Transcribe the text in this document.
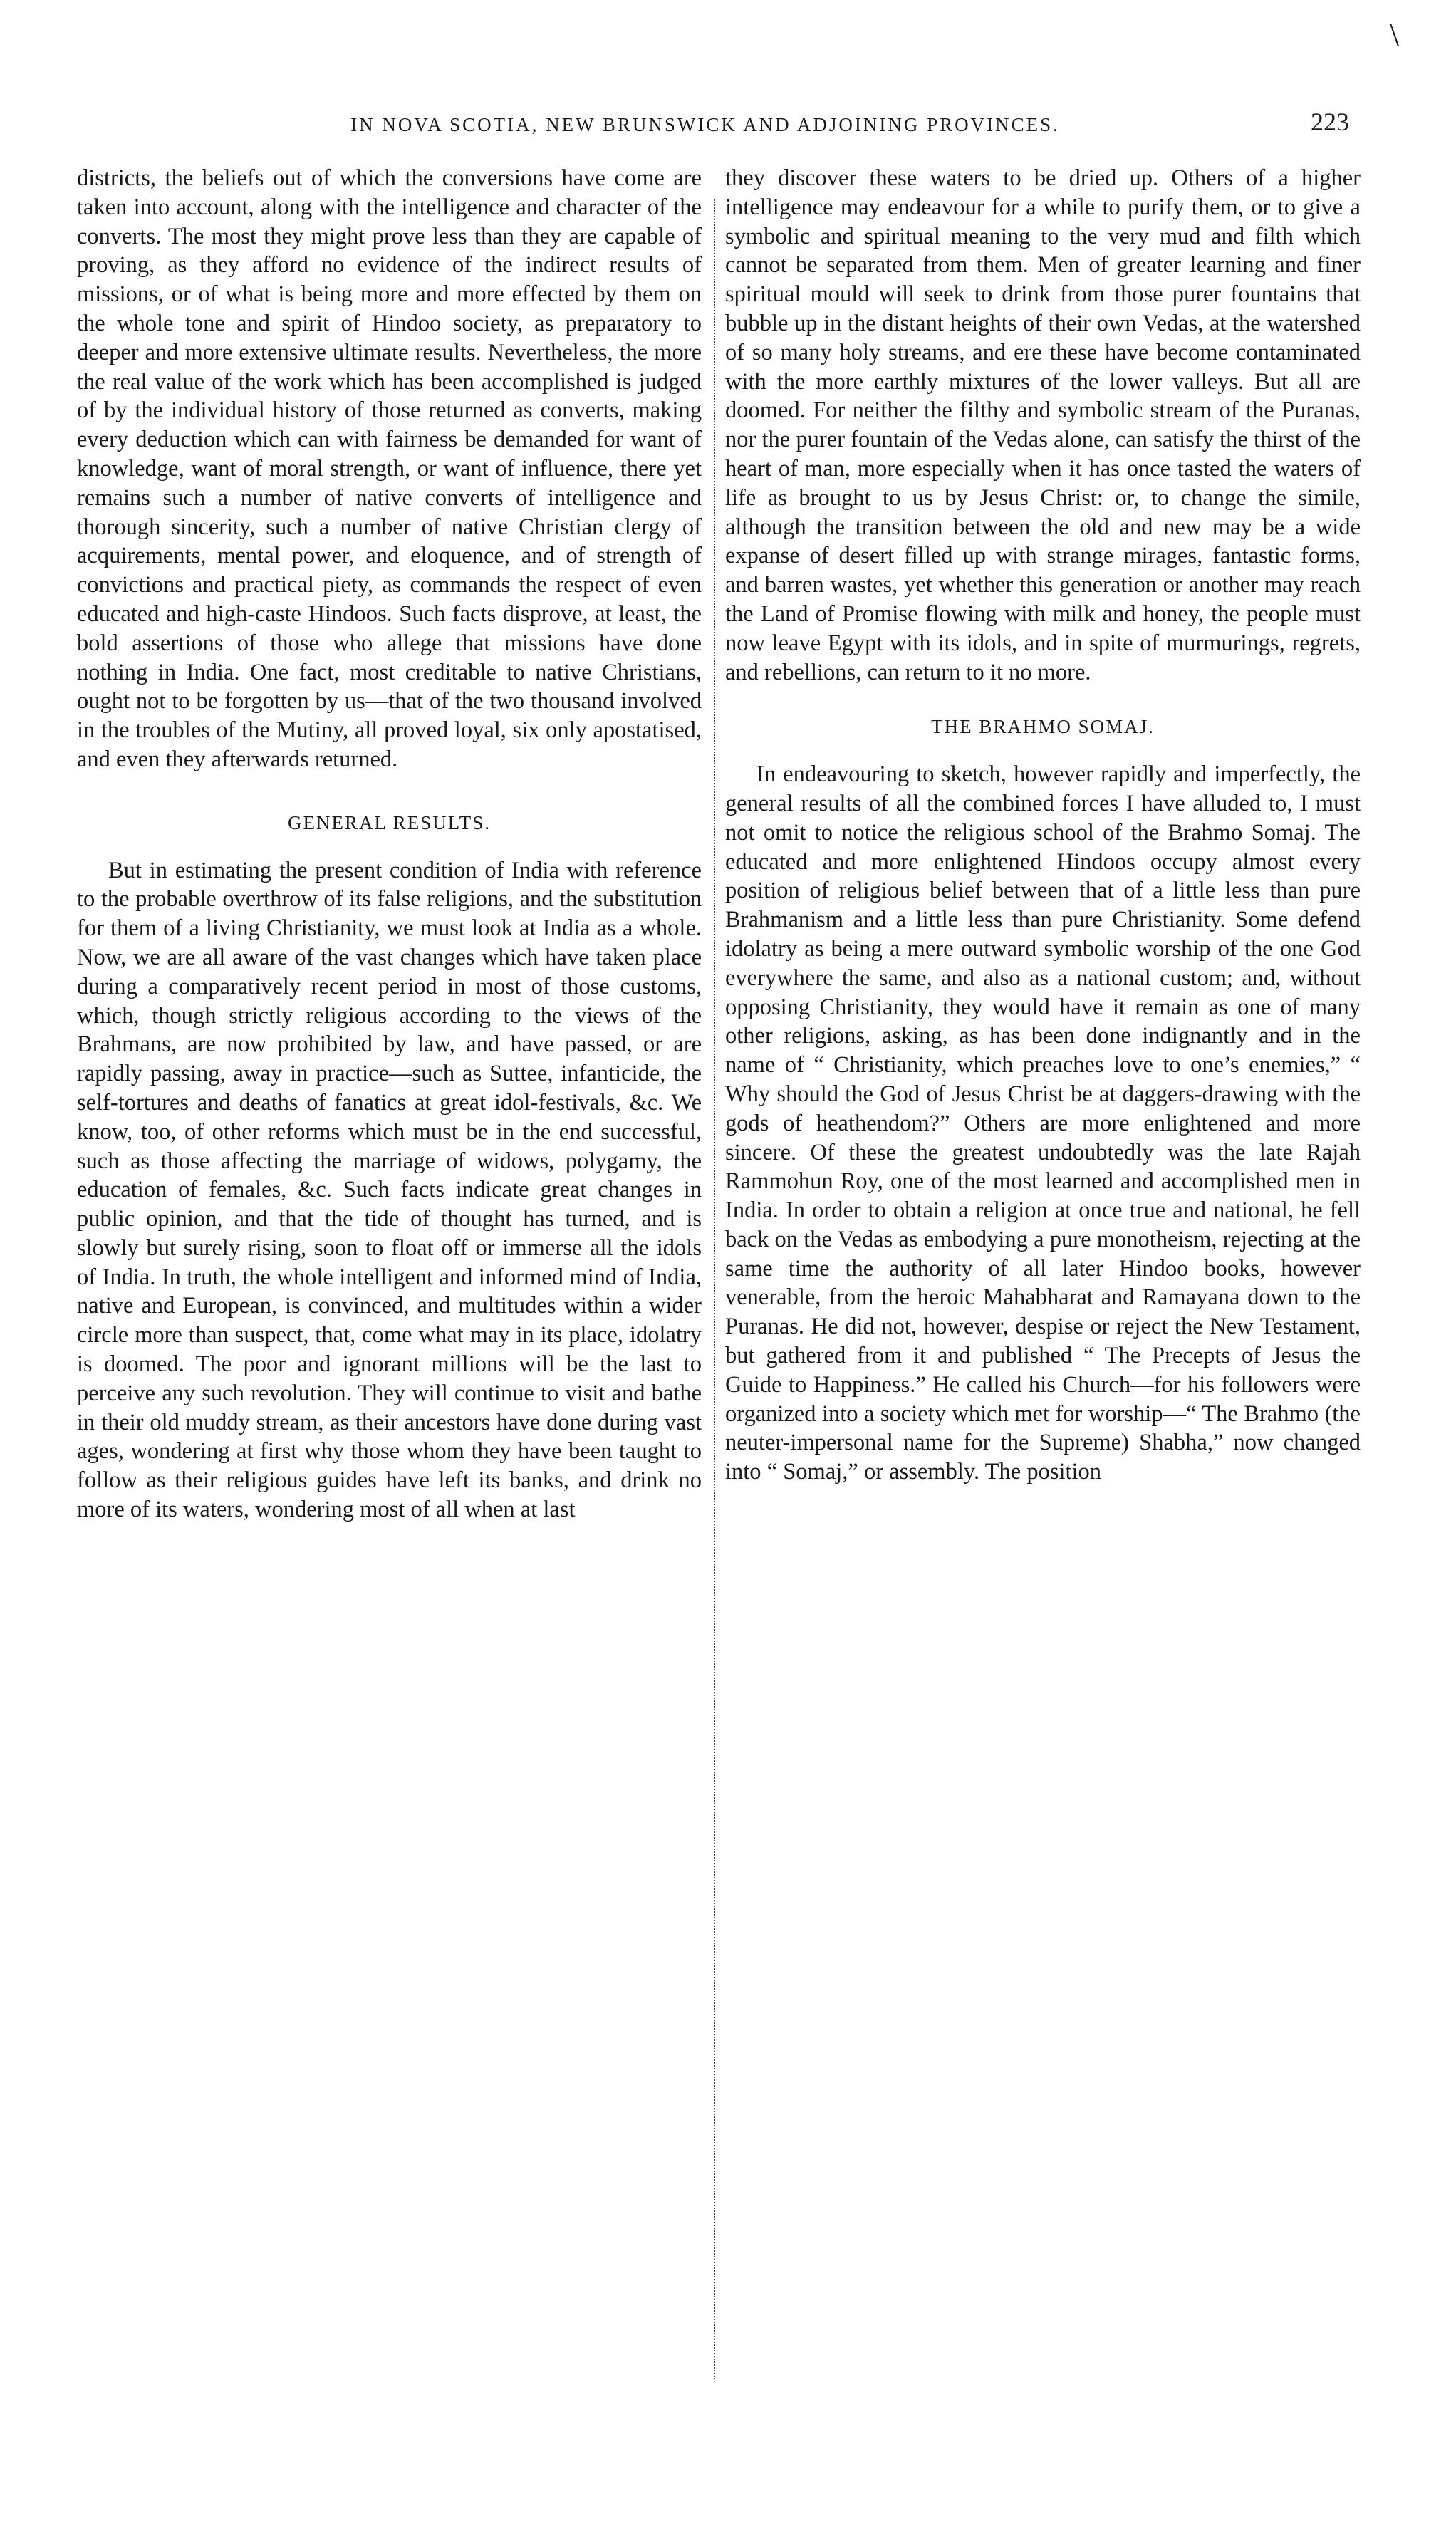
\
IN NOVA SCOTIA, NEW BRUNSWICK AND ADJOINING PROVINCES.	223

districts, the beliefs out of which the conversions have come are taken into account, along with the intelligence and character of the converts. The most they might prove less than they are capable of proving, as they afford no evidence of the indirect results of missions, or of what is being more and more effected by them on the whole tone and spirit of Hindoo society, as preparatory to deeper and more extensive ultimate results. Nevertheless, the more the real value of the work which has been accomplished is judged of by the individual history of those returned as converts, making every deduction which can with fairness be demanded for want of knowledge, want of moral strength, or want of influence, there yet remains such a number of native converts of intelligence and thorough sincerity, such a number of native Christian clergy of acquirements, mental power, and eloquence, and of strength of convictions and practical piety, as commands the respect of even educated and high-caste Hindoos. Such facts disprove, at least, the bold assertions of those who allege that missions have done nothing in India. One fact, most creditable to native Christians, ought not to be forgotten by us—that of the two thousand involved in the troubles of the Mutiny, all proved loyal, six only apostatised, and even they afterwards returned.

GENERAL RESULTS.

But in estimating the present condition of India with reference to the probable overthrow of its false religions, and the substitution for them of a living Christianity, we must look at India as a whole. Now, we are all aware of the vast changes which have taken place during a comparatively recent period in most of those customs, which, though strictly religious according to the views of the Brahmans, are now prohibited by law, and have passed, or are rapidly passing, away in practice—such as Suttee, infanticide, the self-tortures and deaths of fanatics at great idol-festivals, &c. We know, too, of other reforms which must be in the end successful, such as those affecting the marriage of widows, polygamy, the education of females, &c. Such facts indicate great changes in public opinion, and that the tide of thought has turned, and is slowly but surely rising, soon to float off or immerse all the idols of India. In truth, the whole intelligent and informed mind of India, native and European, is convinced, and multitudes within a wider circle more than suspect, that, come what may in its place, idolatry is doomed. The poor and ignorant millions will be the last to perceive any such revolution. They will continue to visit and bathe in their old muddy stream, as their ancestors have done during vast ages, wondering at first why those whom they have been taught to follow as their religious guides have left its banks, and drink no more of its waters, wondering most of all when at last

they discover these waters to be dried up. Others of a higher intelligence may endeavour for a while to purify them, or to give a symbolic and spiritual meaning to the very mud and filth which cannot be separated from them. Men of greater learning and finer spiritual mould will seek to drink from those purer fountains that bubble up in the distant heights of their own Vedas, at the watershed of so many holy streams, and ere these have become contaminated with the more earthly mixtures of the lower valleys. But all are doomed. For neither the filthy and symbolic stream of the Puranas, nor the purer fountain of the Vedas alone, can satisfy the thirst of the heart of man, more especially when it has once tasted the waters of life as brought to us by Jesus Christ: or, to change the simile, although the transition between the old and new may be a wide expanse of desert filled up with strange mirages, fantastic forms, and barren wastes, yet whether this generation or another may reach the Land of Promise flowing with milk and honey, the people must now leave Egypt with its idols, and in spite of murmurings, regrets, and rebellions, can return to it no more.

THE BRAHMO SOMAJ.

In endeavouring to sketch, however rapidly and imperfectly, the general results of all the combined forces I have alluded to, I must not omit to notice the religious school of the Brahmo Somaj. The educated and more enlightened Hindoos occupy almost every position of religious belief between that of a little less than pure Brahmanism and a little less than pure Christianity. Some defend idolatry as being a mere outward symbolic worship of the one God everywhere the same, and also as a national custom; and, without opposing Christianity, they would have it remain as one of many other religions, asking, as has been done indignantly and in the name of “ Christianity, which preaches love to one’s enemies,” “ Why should the God of Jesus Christ be at daggers-drawing with the gods of heathendom?” Others are more enlightened and more sincere. Of these the greatest undoubtedly was the late Rajah Rammohun Roy, one of the most learned and accomplished men in India. In order to obtain a religion at once true and national, he fell back on the Vedas as embodying a pure monotheism, rejecting at the same time the authority of all later Hindoo books, however venerable, from the heroic Mahabharat and Ramayana down to the Puranas. He did not, however, despise or reject the New Testament, but gathered from it and published “ The Precepts of Jesus the Guide to Happiness.” He called his Church—for his followers were organized into a society which met for worship—“ The Brahmo (the neuter-impersonal name for the Supreme) Shabha,” now changed into “ Somaj,” or assembly. The position
